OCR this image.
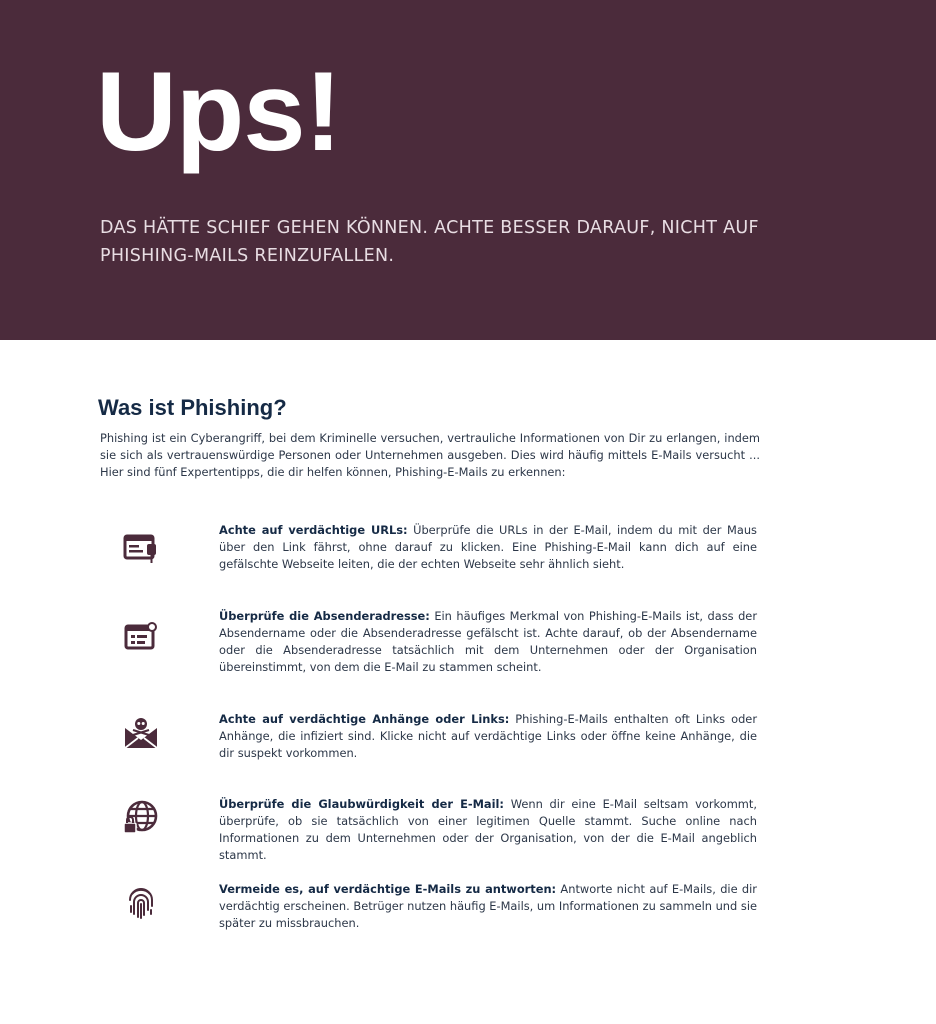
Ups!

DAS HÄTTE SCHIEF GEHEN KÖNNEN. ACHTE BESSER DARAUF, NICHT AUF PHISHING-MAILS REINZUFALLEN.

Was ist Phishing?

Phishing ist ein Cyberangriff, bei dem Kriminelle versuchen, vertrauliche Informationen von Dir zu erlangen, indem sie sich als vertrauenswürdige Personen oder Unternehmen ausgeben. Dies wird häufig mittels E-Mails versucht ... Hier sind fünf Expertentipps, die dir helfen können, Phishing-E-Mails zu erkennen:

Achte auf verdächtige URLs: Überprüfe die URLs in der E-Mail, indem du mit der Maus über den Link fährst, ohne darauf zu klicken. Eine Phishing-E-Mail kann dich auf eine gefälschte Webseite leiten, die der echten Webseite sehr ähnlich sieht.

Überprüfe die Absenderadresse: Ein häufiges Merkmal von Phishing-E-Mails ist, dass der Absendername oder die Absenderadresse gefälscht ist. Achte darauf, ob der Absendername oder die Absenderadresse tatsächlich mit dem Unternehmen oder der Organisation übereinstimmt, von dem die E-Mail zu stammen scheint.

Achte auf verdächtige Anhänge oder Links: Phishing-E-Mails enthalten oft Links oder Anhänge, die infiziert sind. Klicke nicht auf verdächtige Links oder öffne keine Anhänge, die dir suspekt vorkommen.

Überprüfe die Glaubwürdigkeit der E-Mail: Wenn dir eine E-Mail seltsam vorkommt, überprüfe, ob sie tatsächlich von einer legitimen Quelle stammt. Suche online nach Informationen zu dem Unternehmen oder der Organisation, von der die E-Mail angeblich stammt.

Vermeide es, auf verdächtige E-Mails zu antworten: Antworte nicht auf E-Mails, die dir verdächtig erscheinen. Betrüger nutzen häufig E-Mails, um Informationen zu sammeln und sie später zu missbrauchen.
